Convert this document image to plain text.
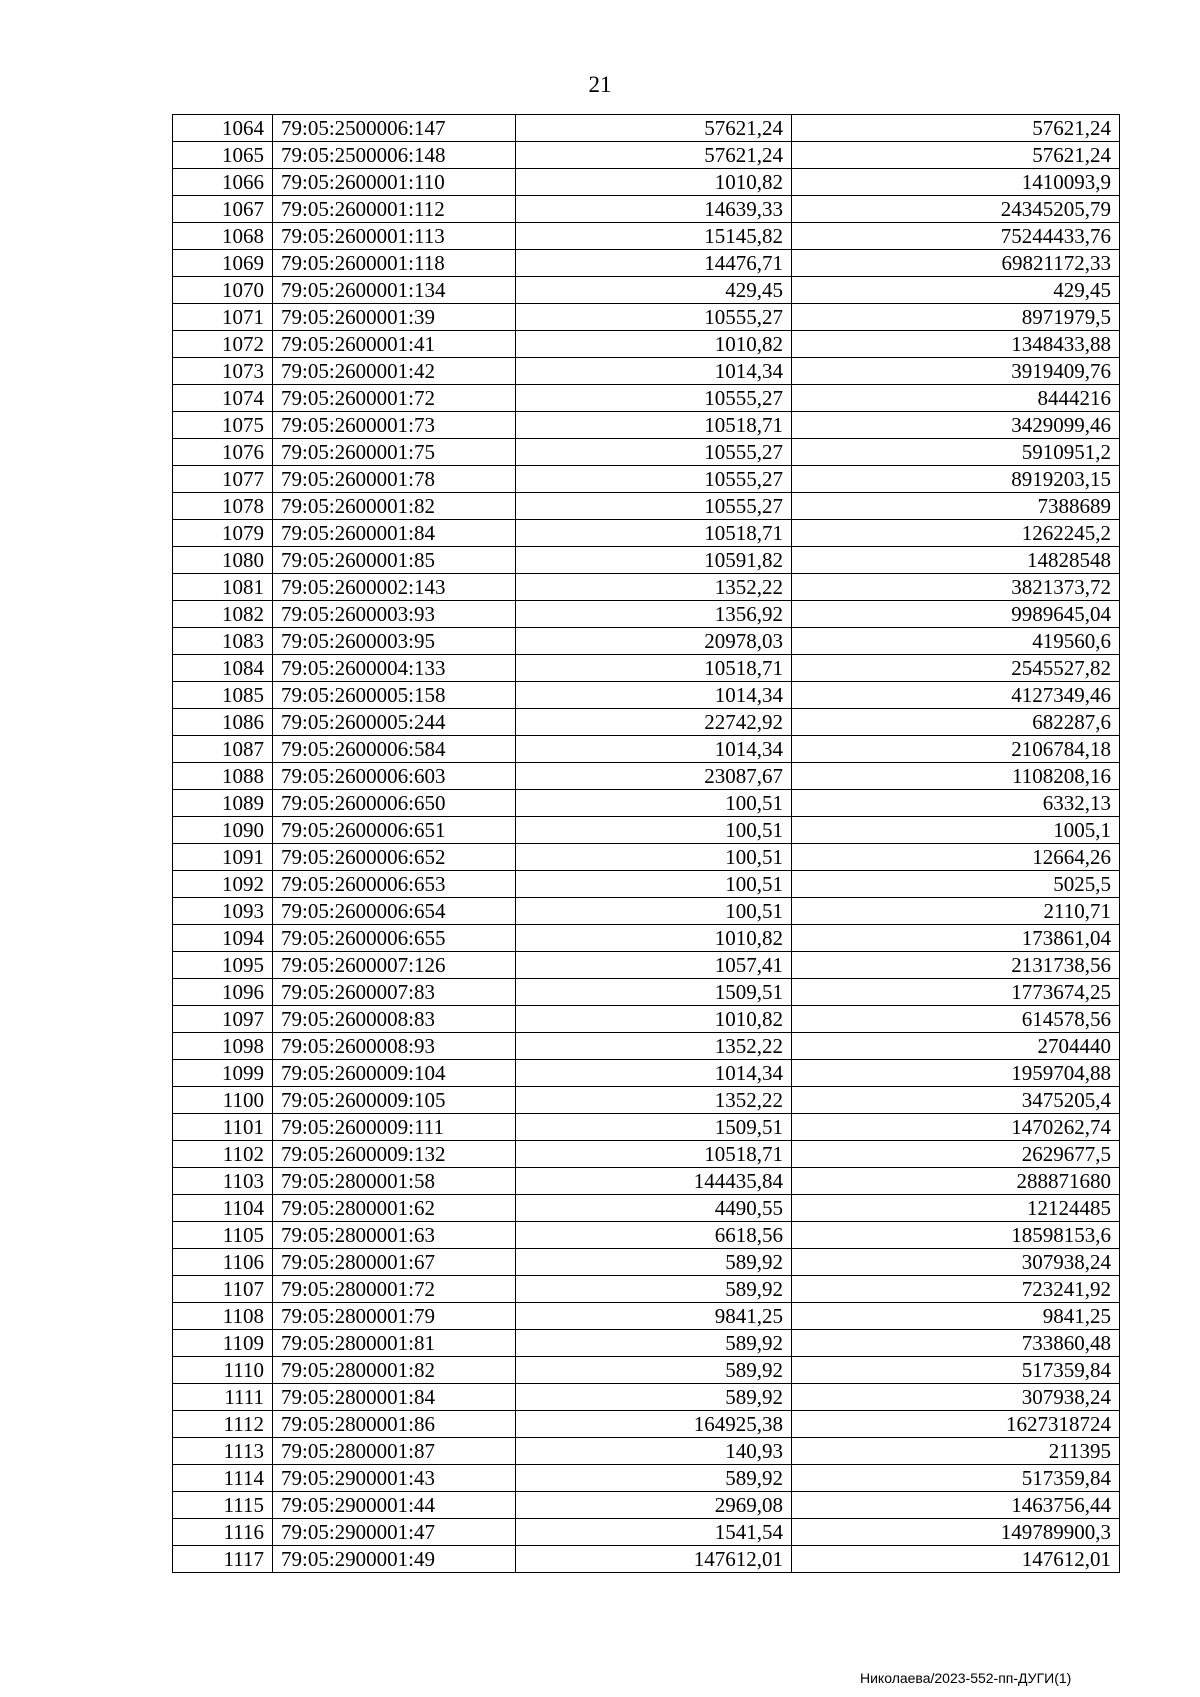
21
1064	79:05:2500006:147	57621,24	57621,24
1065	79:05:2500006:148	57621,24	57621,24
1066	79:05:2600001:110	1010,82	1410093,9
1067	79:05:2600001:112	14639,33	24345205,79
1068	79:05:2600001:113	15145,82	75244433,76
1069	79:05:2600001:118	14476,71	69821172,33
1070	79:05:2600001:134	429,45	429,45
1071	79:05:2600001:39	10555,27	8971979,5
1072	79:05:2600001:41	1010,82	1348433,88
1073	79:05:2600001:42	1014,34	3919409,76
1074	79:05:2600001:72	10555,27	8444216
1075	79:05:2600001:73	10518,71	3429099,46
1076	79:05:2600001:75	10555,27	5910951,2
1077	79:05:2600001:78	10555,27	8919203,15
1078	79:05:2600001:82	10555,27	7388689
1079	79:05:2600001:84	10518,71	1262245,2
1080	79:05:2600001:85	10591,82	14828548
1081	79:05:2600002:143	1352,22	3821373,72
1082	79:05:2600003:93	1356,92	9989645,04
1083	79:05:2600003:95	20978,03	419560,6
1084	79:05:2600004:133	10518,71	2545527,82
1085	79:05:2600005:158	1014,34	4127349,46
1086	79:05:2600005:244	22742,92	682287,6
1087	79:05:2600006:584	1014,34	2106784,18
1088	79:05:2600006:603	23087,67	1108208,16
1089	79:05:2600006:650	100,51	6332,13
1090	79:05:2600006:651	100,51	1005,1
1091	79:05:2600006:652	100,51	12664,26
1092	79:05:2600006:653	100,51	5025,5
1093	79:05:2600006:654	100,51	2110,71
1094	79:05:2600006:655	1010,82	173861,04
1095	79:05:2600007:126	1057,41	2131738,56
1096	79:05:2600007:83	1509,51	1773674,25
1097	79:05:2600008:83	1010,82	614578,56
1098	79:05:2600008:93	1352,22	2704440
1099	79:05:2600009:104	1014,34	1959704,88
1100	79:05:2600009:105	1352,22	3475205,4
1101	79:05:2600009:111	1509,51	1470262,74
1102	79:05:2600009:132	10518,71	2629677,5
1103	79:05:2800001:58	144435,84	288871680
1104	79:05:2800001:62	4490,55	12124485
1105	79:05:2800001:63	6618,56	18598153,6
1106	79:05:2800001:67	589,92	307938,24
1107	79:05:2800001:72	589,92	723241,92
1108	79:05:2800001:79	9841,25	9841,25
1109	79:05:2800001:81	589,92	733860,48
1110	79:05:2800001:82	589,92	517359,84
1111	79:05:2800001:84	589,92	307938,24
1112	79:05:2800001:86	164925,38	1627318724
1113	79:05:2800001:87	140,93	211395
1114	79:05:2900001:43	589,92	517359,84
1115	79:05:2900001:44	2969,08	1463756,44
1116	79:05:2900001:47	1541,54	149789900,3
1117	79:05:2900001:49	147612,01	147612,01
Николаева/2023-552-пп-ДУГИ(1)
